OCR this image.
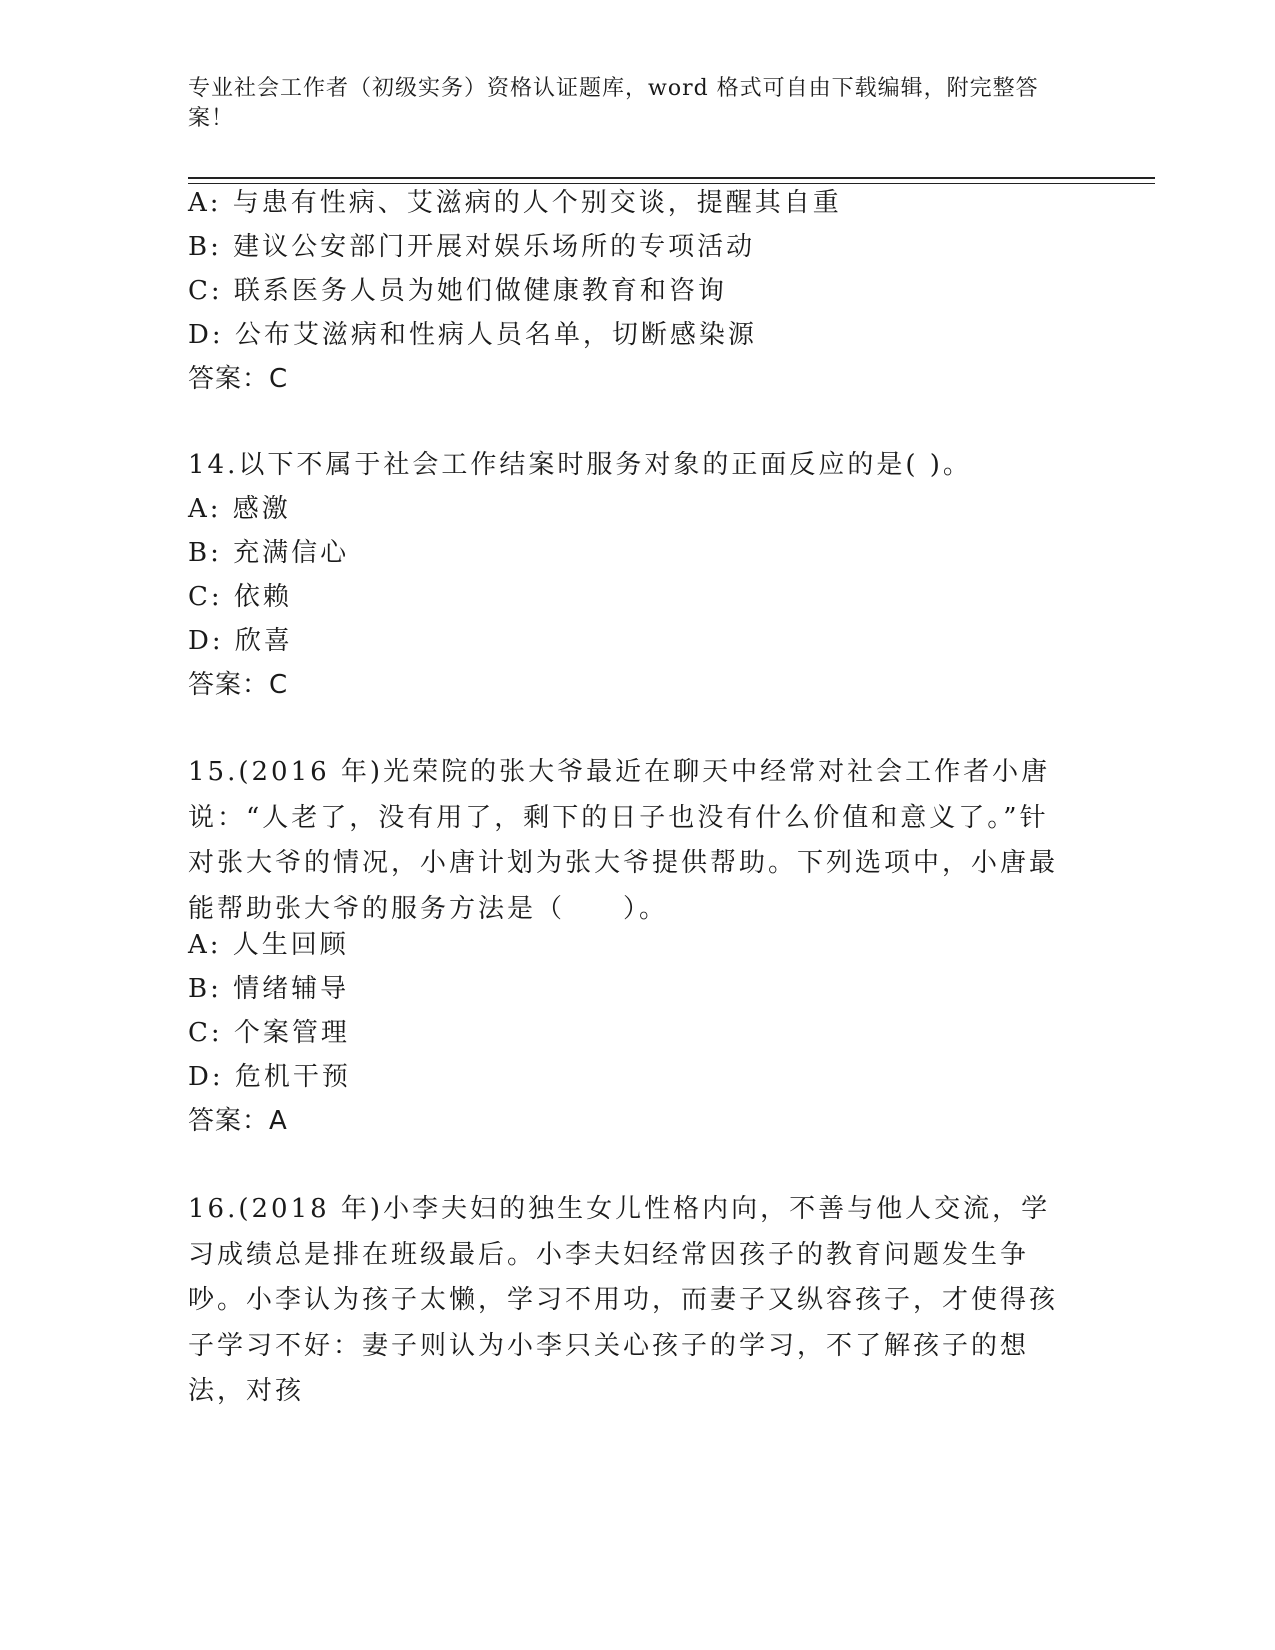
专业社会工作者（初级实务）资格认证题库，word 格式可自由下载编辑，附完整答案！
A: 与患有性病、艾滋病的人个别交谈，提醒其自重
B: 建议公安部门开展对娱乐场所的专项活动
C: 联系医务人员为她们做健康教育和咨询
D: 公布艾滋病和性病人员名单，切断感染源
答案：C
14.以下不属于社会工作结案时服务对象的正面反应的是( )。
A: 感激
B: 充满信心
C: 依赖
D: 欣喜
答案：C
15.(2016 年)光荣院的张大爷最近在聊天中经常对社会工作者小唐说：“人老了，没有用了，剩下的日子也没有什么价值和意义了。”针对张大爷的情况，小唐计划为张大爷提供帮助。下列选项中，小唐最能帮助张大爷的服务方法是（　　）。
A: 人生回顾
B: 情绪辅导
C: 个案管理
D: 危机干预
答案：A
16.(2018 年)小李夫妇的独生女儿性格内向，不善与他人交流，学习成绩总是排在班级最后。小李夫妇经常因孩子的教育问题发生争吵。小李认为孩子太懒，学习不用功，而妻子又纵容孩子，才使得孩子学习不好：妻子则认为小李只关心孩子的学习，不了解孩子的想法，对孩
